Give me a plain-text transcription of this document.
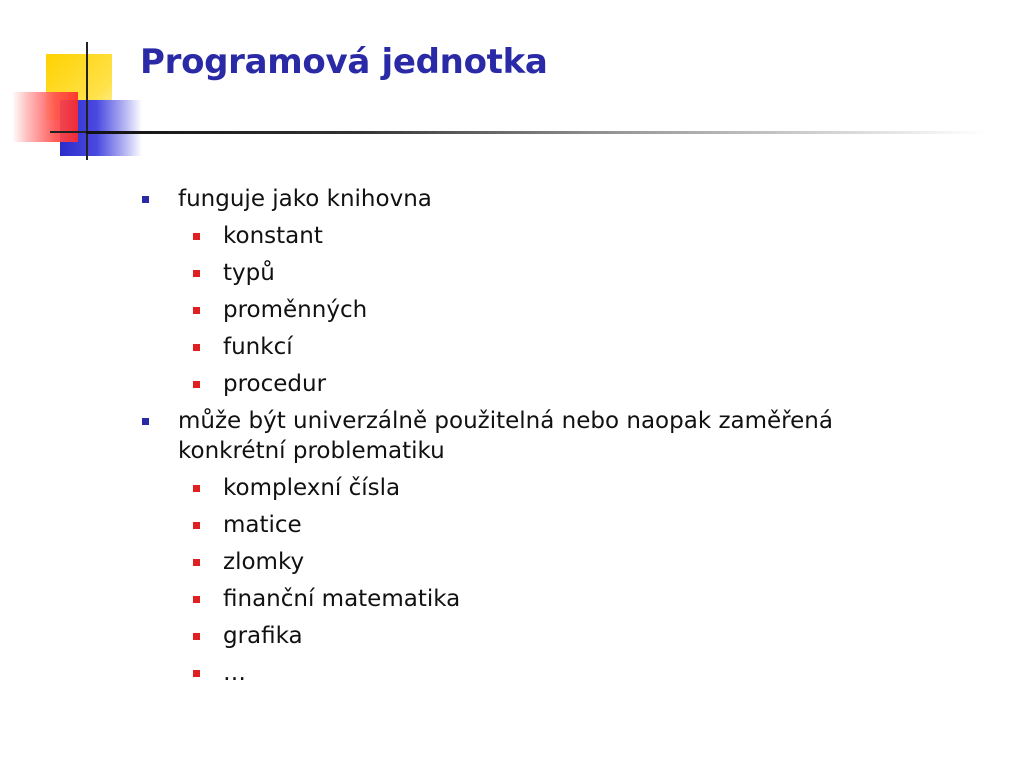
Programová jednotka
funguje jako knihovna
konstant
typů
proměnných
funkcí
procedur
může být univerzálně použitelná nebo naopak zaměřená konkrétní problematiku
komplexní čísla
matice
zlomky
finanční matematika
grafika
…
